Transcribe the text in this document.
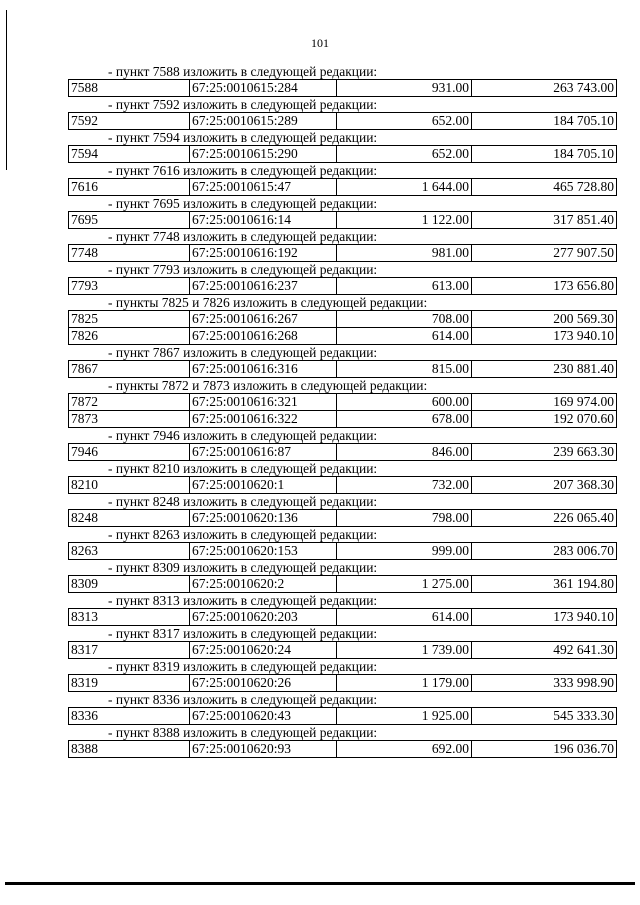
101
- пункт 7588 изложить в следующей редакции:
7588	67:25:0010615:284	931.00	263 743.00
- пункт 7592 изложить в следующей редакции:
7592	67:25:0010615:289	652.00	184 705.10
- пункт 7594 изложить в следующей редакции:
7594	67:25:0010615:290	652.00	184 705.10
- пункт 7616 изложить в следующей редакции:
7616	67:25:0010615:47	1 644.00	465 728.80
- пункт 7695 изложить в следующей редакции:
7695	67:25:0010616:14	1 122.00	317 851.40
- пункт 7748 изложить в следующей редакции:
7748	67:25:0010616:192	981.00	277 907.50
- пункт 7793 изложить в следующей редакции:
7793	67:25:0010616:237	613.00	173 656.80
- пункты 7825 и 7826 изложить в следующей редакции:
7825	67:25:0010616:267	708.00	200 569.30
7826	67:25:0010616:268	614.00	173 940.10
- пункт 7867 изложить в следующей редакции:
7867	67:25:0010616:316	815.00	230 881.40
- пункты 7872 и 7873 изложить в следующей редакции:
7872	67:25:0010616:321	600.00	169 974.00
7873	67:25:0010616:322	678.00	192 070.60
- пункт 7946 изложить в следующей редакции:
7946	67:25:0010616:87	846.00	239 663.30
- пункт 8210 изложить в следующей редакции:
8210	67:25:0010620:1	732.00	207 368.30
- пункт 8248 изложить в следующей редакции:
8248	67:25:0010620:136	798.00	226 065.40
- пункт 8263 изложить в следующей редакции:
8263	67:25:0010620:153	999.00	283 006.70
- пункт 8309 изложить в следующей редакции:
8309	67:25:0010620:2	1 275.00	361 194.80
- пункт 8313 изложить в следующей редакции:
8313	67:25:0010620:203	614.00	173 940.10
- пункт 8317 изложить в следующей редакции:
8317	67:25:0010620:24	1 739.00	492 641.30
- пункт 8319 изложить в следующей редакции:
8319	67:25:0010620:26	1 179.00	333 998.90
- пункт 8336 изложить в следующей редакции:
8336	67:25:0010620:43	1 925.00	545 333.30
- пункт 8388 изложить в следующей редакции:
8388	67:25:0010620:93	692.00	196 036.70
